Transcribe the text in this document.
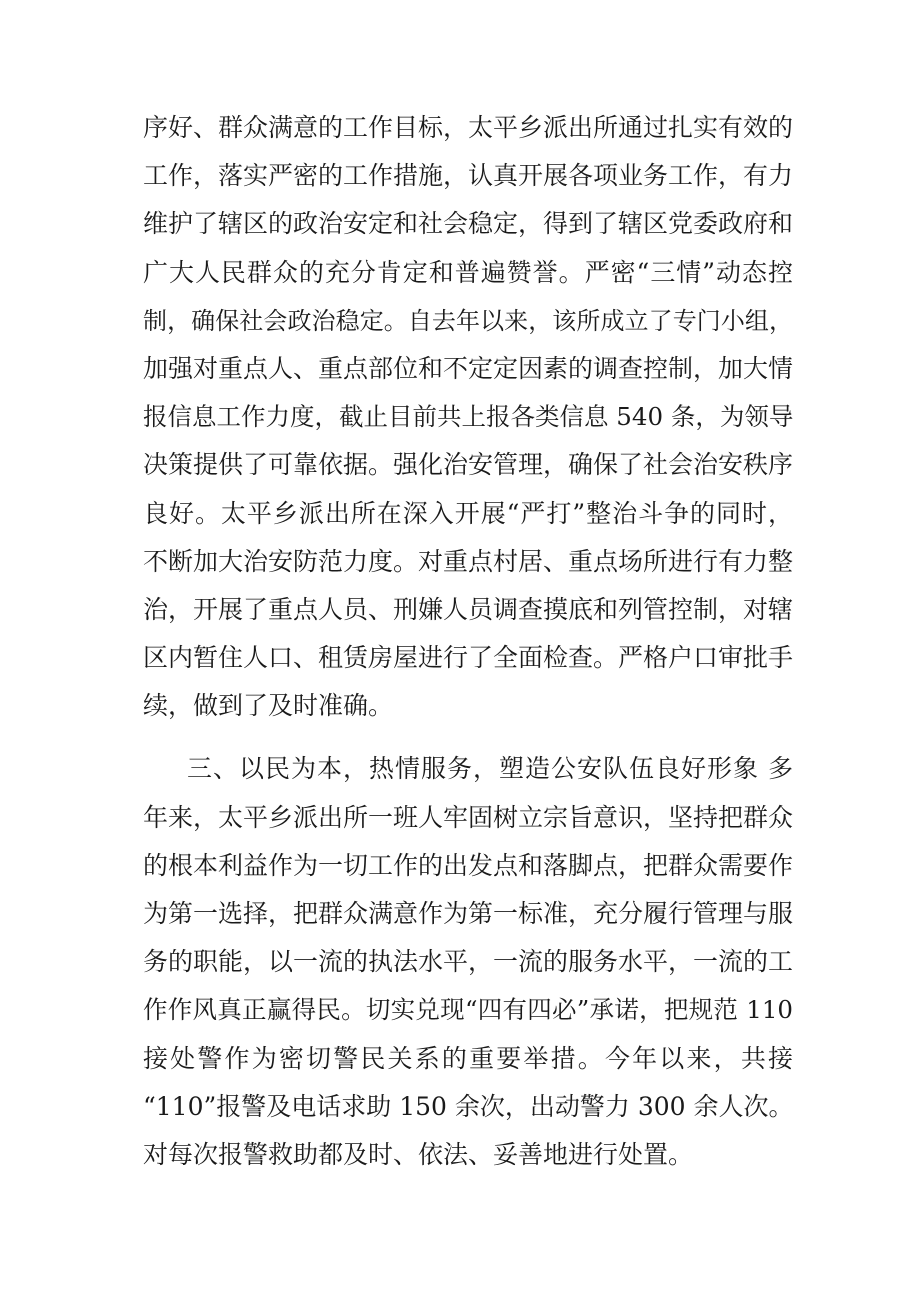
序好、群众满意的工作目标，太平乡派出所通过扎实有效的
工作，落实严密的工作措施，认真开展各项业务工作，有力
维护了辖区的政治安定和社会稳定，得到了辖区党委政府和
广大人民群众的充分肯定和普遍赞誉。严密“三情”动态控
制，确保社会政治稳定。自去年以来，该所成立了专门小组，
加强对重点人、重点部位和不定定因素的调查控制，加大情
报信息工作力度，截止目前共上报各类信息 540 条，为领导
决策提供了可靠依据。强化治安管理，确保了社会治安秩序
良好。太平乡派出所在深入开展“严打”整治斗争的同时，
不断加大治安防范力度。对重点村居、重点场所进行有力整
治，开展了重点人员、刑嫌人员调查摸底和列管控制，对辖
区内暂住人口、租赁房屋进行了全面检查。严格户口审批手
续，做到了及时准确。
三、以民为本，热情服务，塑造公安队伍良好形象 多
年来，太平乡派出所一班人牢固树立宗旨意识，坚持把群众
的根本利益作为一切工作的出发点和落脚点，把群众需要作
为第一选择，把群众满意作为第一标准，充分履行管理与服
务的职能，以一流的执法水平，一流的服务水平，一流的工
作作风真正赢得民。切实兑现“四有四必”承诺，把规范 110
接处警作为密切警民关系的重要举措。今年以来，共接
“110”报警及电话求助 150 余次，出动警力 300 余人次。
对每次报警救助都及时、依法、妥善地进行处置。
